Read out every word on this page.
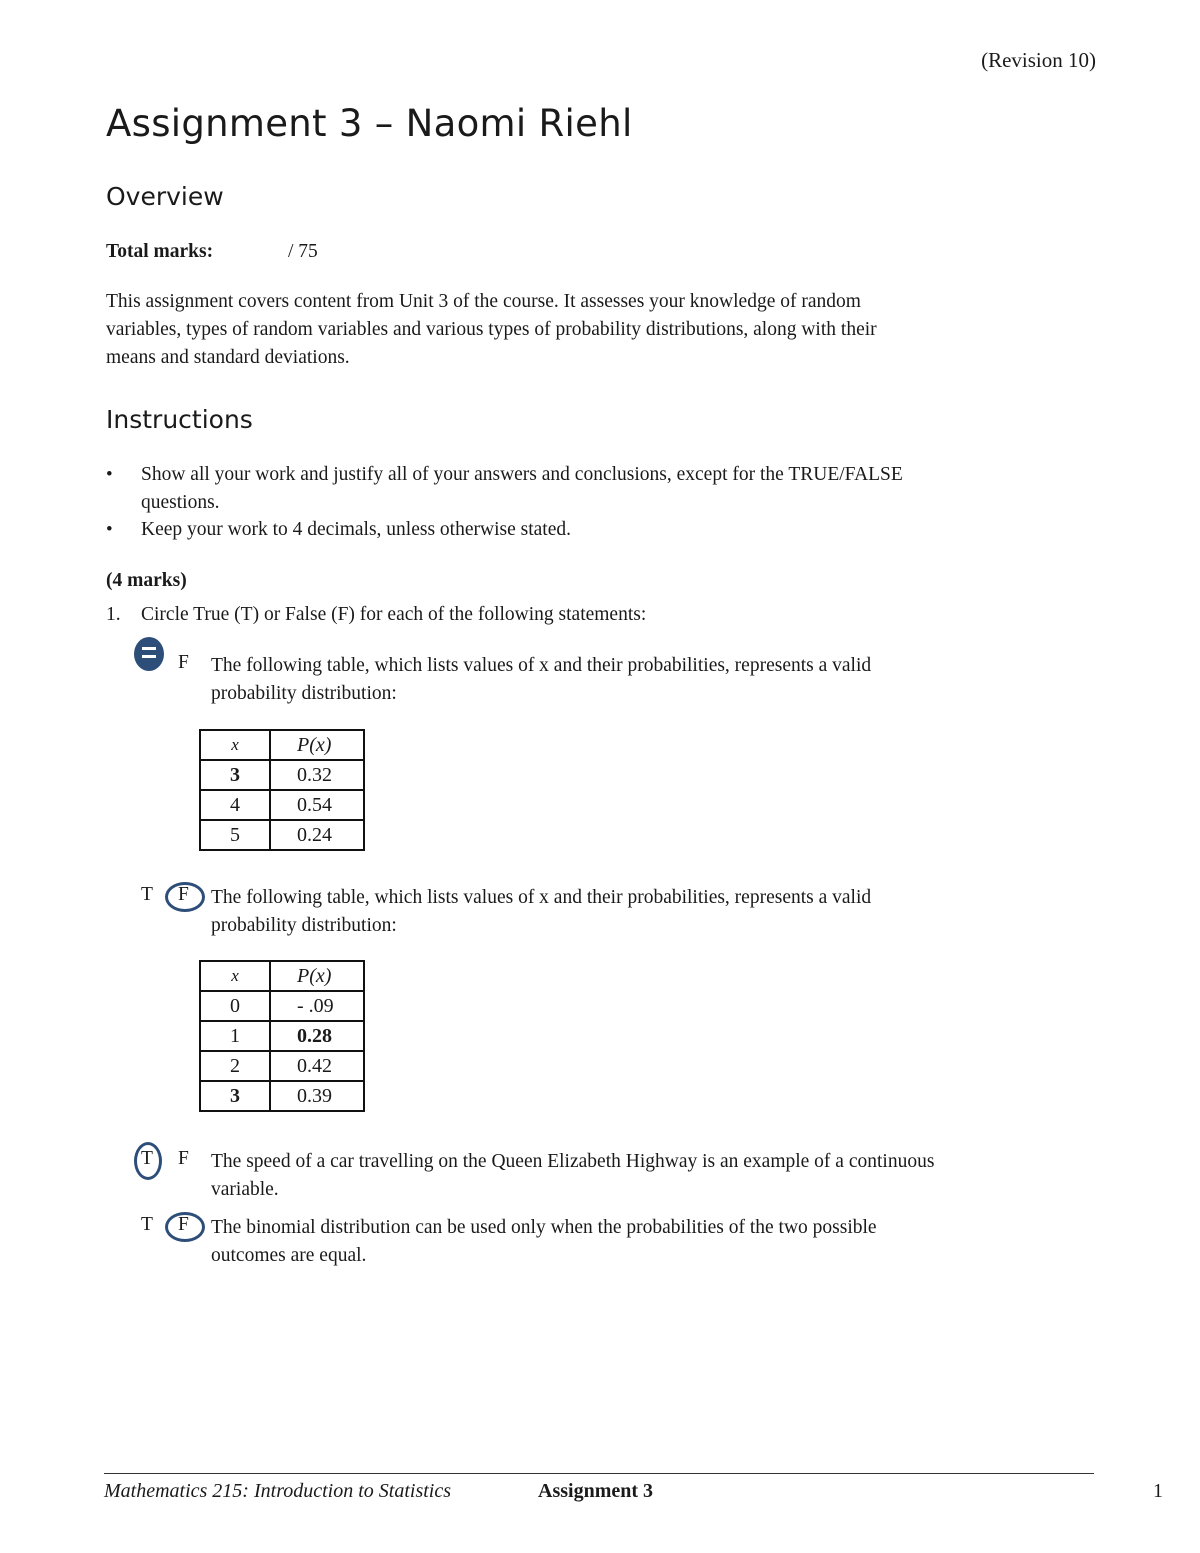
(Revision 10)
Assignment 3 – Naomi Riehl
Overview
Total marks:	/ 75
This assignment covers content from Unit 3 of the course. It assesses your knowledge of random
variables, types of random variables and various types of probability distributions, along with their
means and standard deviations.
Instructions
• Show all your work and justify all of your answers and conclusions, except for the TRUE/FALSE
questions.
• Keep your work to 4 decimals, unless otherwise stated.
(4 marks)
1. Circle True (T) or False (F) for each of the following statements:
F The following table, which lists values of x and their probabilities, represents a valid
probability distribution:
x	P(x)
3	0.32
4	0.54
5	0.24
T F The following table, which lists values of x and their probabilities, represents a valid
probability distribution:
x	P(x)
0	- .09
1	0.28
2	0.42
3	0.39
T F The speed of a car travelling on the Queen Elizabeth Highway is an example of a continuous
variable.
T F The binomial distribution can be used only when the probabilities of the two possible
outcomes are equal.
Mathematics 215: Introduction to Statistics	Assignment 3	1
